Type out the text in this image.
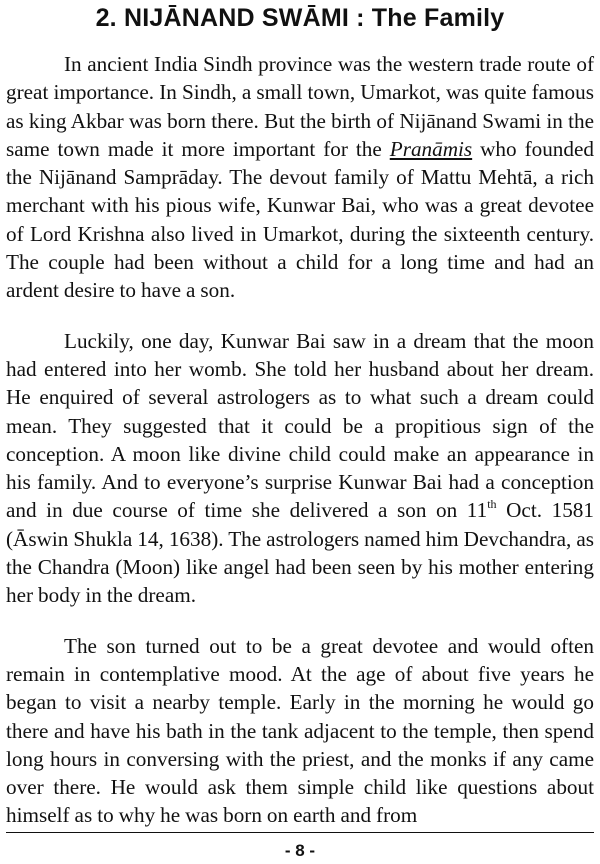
2. NIJĀNAND SWĀMI : The Family

In ancient India Sindh province was the western trade route of great importance. In Sindh, a small town, Umarkot, was quite famous as king Akbar was born there. But the birth of Nijānand Swami in the same town made it more important for the Pranāmis who founded the Nijānand Samprāday. The devout family of Mattu Mehtā, a rich merchant with his pious wife, Kunwar Bai, who was a great devotee of Lord Krishna also lived in Umarkot, during the sixteenth century. The couple had been without a child for a long time and had an ardent desire to have a son.

Luckily, one day, Kunwar Bai saw in a dream that the moon had entered into her womb. She told her husband about her dream. He enquired of several astrologers as to what such a dream could mean. They suggested that it could be a propitious sign of the conception. A moon like divine child could make an appearance in his family. And to everyone’s surprise Kunwar Bai had a conception and in due course of time she delivered a son on 11th Oct. 1581 (Āswin Shukla 14, 1638). The astrologers named him Devchandra, as the Chandra (Moon) like angel had been seen by his mother entering her body in the dream.

The son turned out to be a great devotee and would often remain in contemplative mood. At the age of about five years he began to visit a nearby temple. Early in the morning he would go there and have his bath in the tank adjacent to the temple, then spend long hours in conversing with the priest, and the monks if any came over there. He would ask them simple child like questions about himself as to why he was born on earth and from

- 8 -
